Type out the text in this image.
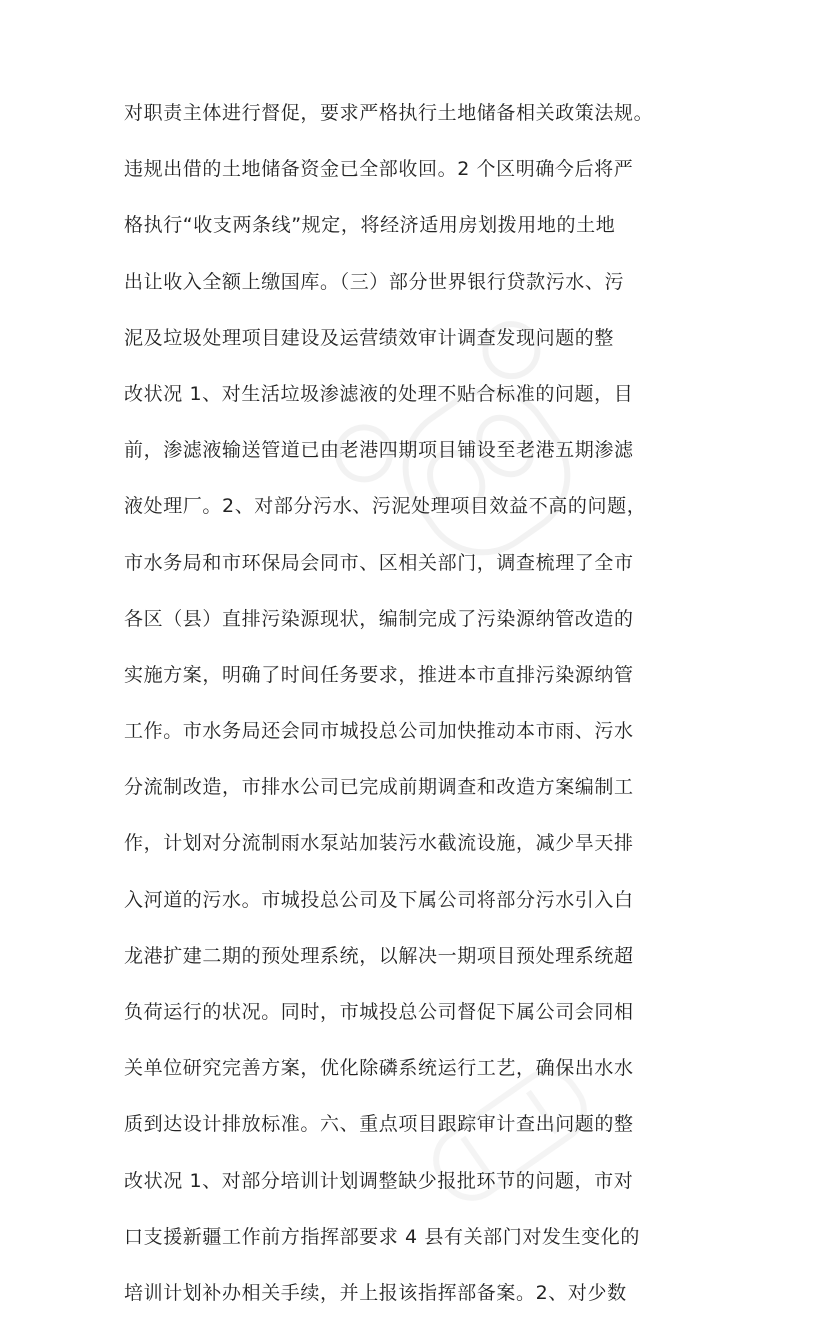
对职责主体进行督促，要求严格执行土地储备相关政策法规。
违规出借的土地储备资金已全部收回。2 个区明确今后将严
格执行“收支两条线”规定，将经济适用房划拨用地的土地
出让收入全额上缴国库。（三）部分世界银行贷款污水、污
泥及垃圾处理项目建设及运营绩效审计调查发现问题的整
改状况 1、对生活垃圾渗滤液的处理不贴合标准的问题，目
前，渗滤液输送管道已由老港四期项目铺设至老港五期渗滤
液处理厂。2、对部分污水、污泥处理项目效益不高的问题，
市水务局和市环保局会同市、区相关部门，调查梳理了全市
各区（县）直排污染源现状，编制完成了污染源纳管改造的
实施方案，明确了时间任务要求，推进本市直排污染源纳管
工作。市水务局还会同市城投总公司加快推动本市雨、污水
分流制改造，市排水公司已完成前期调查和改造方案编制工
作，计划对分流制雨水泵站加装污水截流设施，减少旱天排
入河道的污水。市城投总公司及下属公司将部分污水引入白
龙港扩建二期的预处理系统，以解决一期项目预处理系统超
负荷运行的状况。同时，市城投总公司督促下属公司会同相
关单位研究完善方案，优化除磷系统运行工艺，确保出水水
质到达设计排放标准。六、重点项目跟踪审计查出问题的整
改状况 1、对部分培训计划调整缺少报批环节的问题，市对
口支援新疆工作前方指挥部要求 4 县有关部门对发生变化的
培训计划补办相关手续，并上报该指挥部备案。2、对少数
